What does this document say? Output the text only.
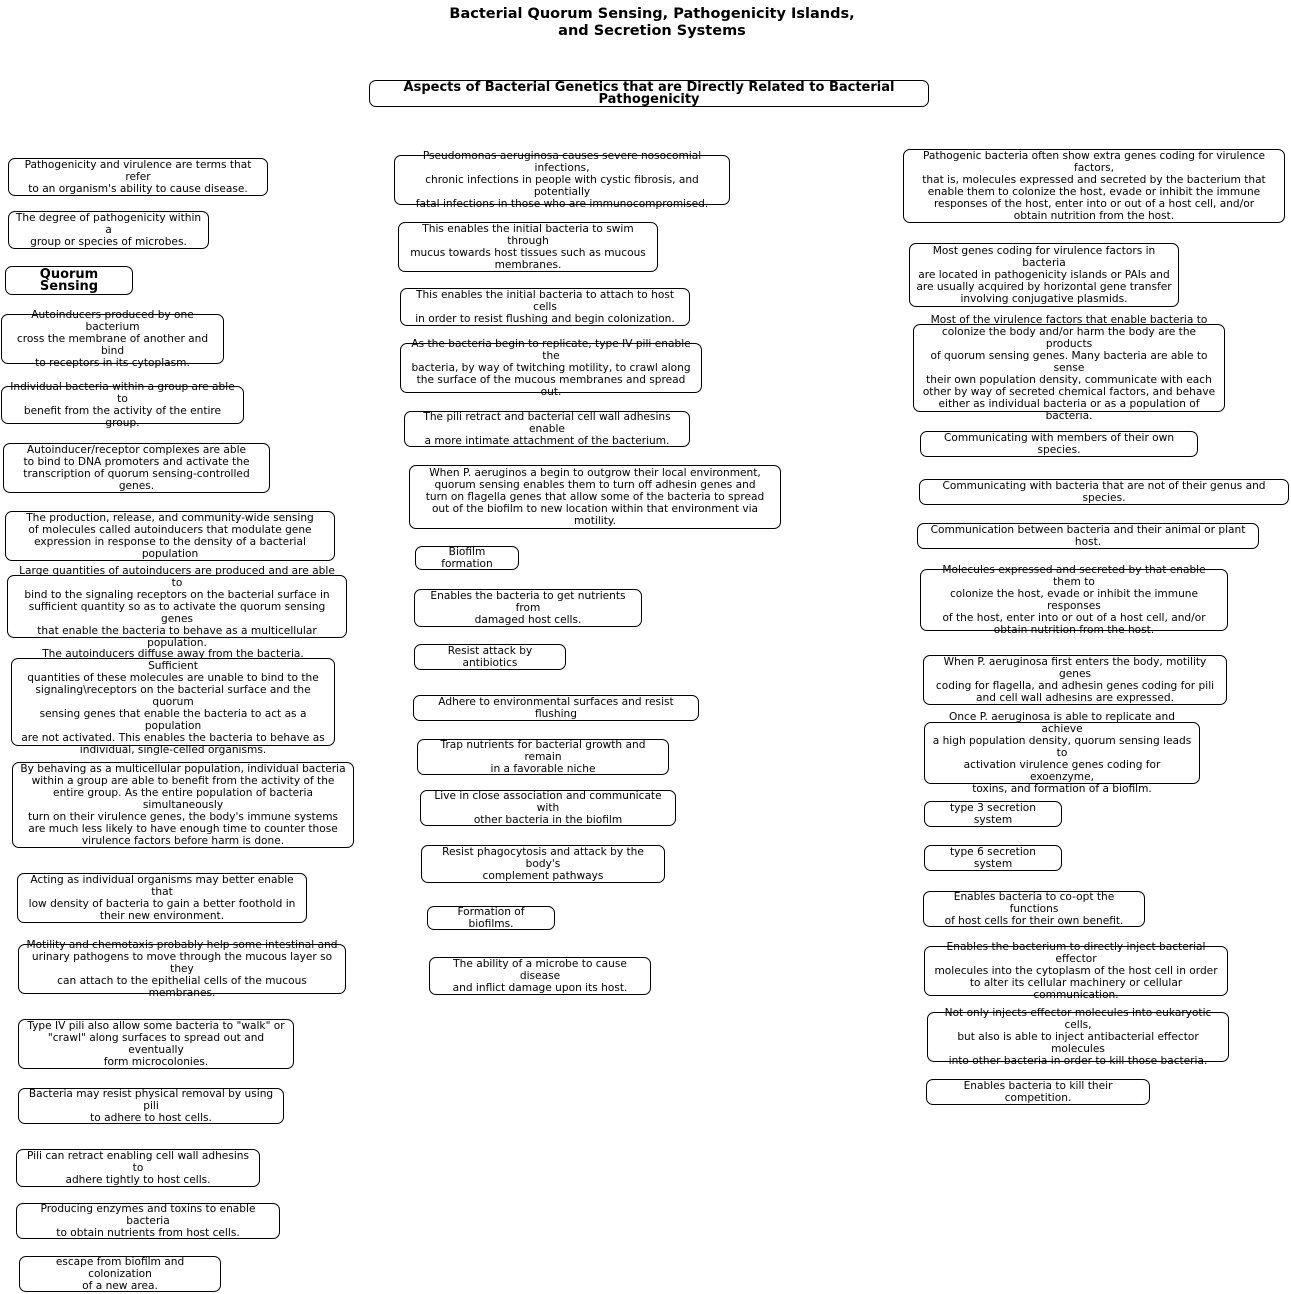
Bacterial Quorum Sensing, Pathogenicity Islands,
and Secretion Systems
Aspects of Bacterial Genetics that are Directly Related to Bacterial Pathogenicity
Pathogenicity and virulence are terms that refer
to an organism's ability to cause disease.
The degree of pathogenicity within a
group or species of microbes.
Quorum Sensing
Autoinducers produced by one bacterium
cross the membrane of another and bind
to receptors in its cytoplasm.
Individual bacteria within a group are able to
benefit from the activity of the entire group.
Autoinducer/receptor complexes are able
to bind to DNA promoters and activate the
transcription of quorum sensing-controlled genes.
The production, release, and community-wide sensing
of molecules called autoinducers that modulate gene
expression in response to the density of a bacterial population
Large quantities of autoinducers are produced and are able to
bind to the signaling receptors on the bacterial surface in
sufficient quantity so as to activate the quorum sensing genes
that enable the bacteria to behave as a multicellular population.
The autoinducers diffuse away from the bacteria. Sufficient
quantities of these molecules are unable to bind to the
signaling\receptors on the bacterial surface and the quorum
sensing genes that enable the bacteria to act as a population
are not activated. This enables the bacteria to behave as
individual, single-celled organisms.
By behaving as a multicellular population, individual bacteria
within a group are able to benefit from the activity of the
entire group. As the entire population of bacteria simultaneously
turn on their virulence genes, the body's immune systems
are much less likely to have enough time to counter those
virulence factors before harm is done.
Acting as individual organisms may better enable that
low density of bacteria to gain a better foothold in
their new environment.
Motility and chemotaxis probably help some intestinal and
urinary pathogens to move through the mucous layer so they
can attach to the epithelial cells of the mucous membranes.
Type IV pili also allow some bacteria to "walk" or
"crawl" along surfaces to spread out and eventually
form microcolonies.
Bacteria may resist physical removal by using pili
to adhere to host cells.
Pili can retract enabling cell wall adhesins to
adhere tightly to host cells.
Producing enzymes and toxins to enable bacteria
to obtain nutrients from host cells.
escape from biofilm and colonization
of a new area.
Pseudomonas aeruginosa causes severe nosocomial infections,
chronic infections in people with cystic fibrosis, and potentially
fatal infections in those who are immunocompromised.
This enables the initial bacteria to swim through
mucus towards host tissues such as mucous
membranes.
This enables the initial bacteria to attach to host cells
in order to resist flushing and begin colonization.
As the bacteria begin to replicate, type IV pili enable the
bacteria, by way of twitching motility, to crawl along
the surface of the mucous membranes and spread out.
The pili retract and bacterial cell wall adhesins enable
a more intimate attachment of the bacterium.
When P. aeruginos a begin to outgrow their local environment,
quorum sensing enables them to turn off adhesin genes and
turn on flagella genes that allow some of the bacteria to spread
out of the biofilm to new location within that environment via motility.
Biofilm formation
Enables the bacteria to get nutrients from
damaged host cells.
Resist attack by antibiotics
Adhere to environmental surfaces and resist flushing
Trap nutrients for bacterial growth and remain
in a favorable niche
Live in close association and communicate with
other bacteria in the biofilm
Resist phagocytosis and attack by the body's
complement pathways
Formation of biofilms.
The ability of a microbe to cause disease
and inflict damage upon its host.
Pathogenic bacteria often show extra genes coding for virulence factors,
that is, molecules expressed and secreted by the bacterium that
enable them to colonize the host, evade or inhibit the immune
responses of the host, enter into or out of a host cell, and/or
obtain nutrition from the host.
Most genes coding for virulence factors in bacteria
are located in pathogenicity islands or PAIs and
are usually acquired by horizontal gene transfer
involving conjugative plasmids.
Most of the virulence factors that enable bacteria to
colonize the body and/or harm the body are the products
of quorum sensing genes. Many bacteria are able to sense
their own population density, communicate with each
other by way of secreted chemical factors, and behave
either as individual bacteria or as a population of bacteria.
Communicating with members of their own species.
Communicating with bacteria that are not of their genus and species.
Communication between bacteria and their animal or plant host.
Molecules expressed and secreted by that enable them to
colonize the host, evade or inhibit the immune responses
of the host, enter into or out of a host cell, and/or
obtain nutrition from the host.
When P. aeruginosa first enters the body, motility genes
coding for flagella, and adhesin genes coding for pili
and cell wall adhesins are expressed.
Once P. aeruginosa is able to replicate and achieve
a high population density, quorum sensing leads to
activation virulence genes coding for exoenzyme,
toxins, and formation of a biofilm.
type 3 secretion system
type 6 secretion system
Enables bacteria to co-opt the functions
of host cells for their own benefit.
Enables the bacterium to directly inject bacterial effector
molecules into the cytoplasm of the host cell in order
to alter its cellular machinery or cellular communication.
Not only injects effector molecules into eukaryotic cells,
but also is able to inject antibacterial effector molecules
into other bacteria in order to kill those bacteria.
Enables bacteria to kill their competition.
